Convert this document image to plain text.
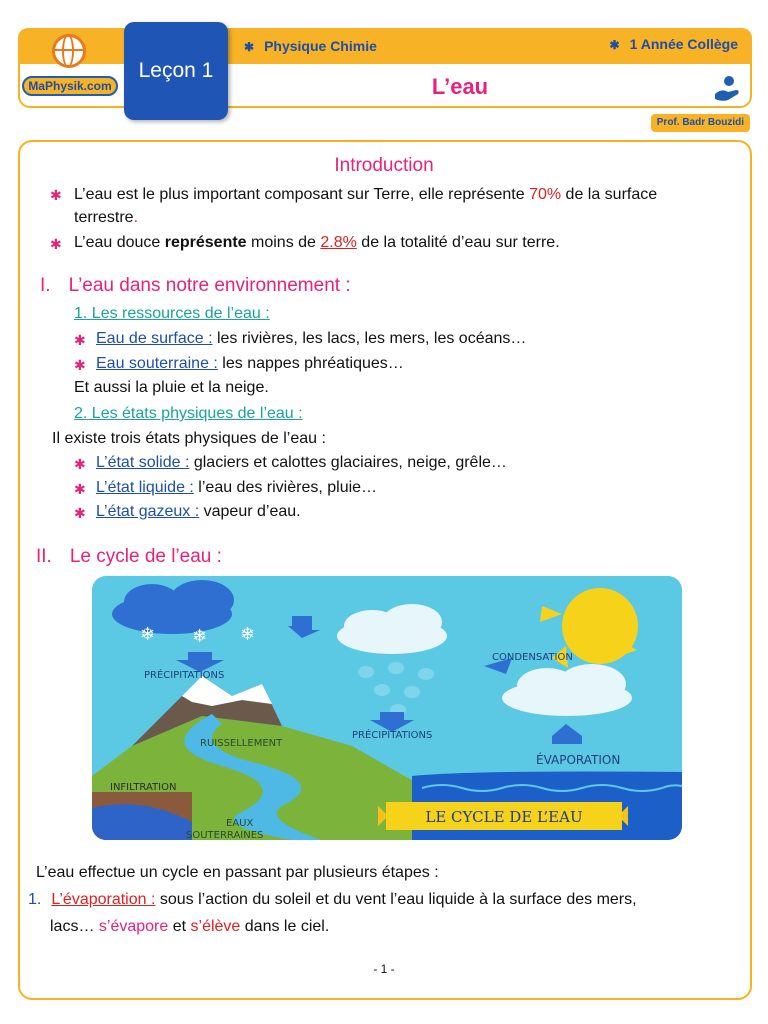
MaPhysik.com
Leçon 1
✱ Physique Chimie	✱ 1 Année Collège
L’eau
Prof. Badr Bouzidi
Introduction
✱ L’eau est le plus important composant sur Terre, elle représente 70% de la surface
terrestre.
✱ L’eau douce représente moins de 2.8% de la totalité d’eau sur terre.
I. L’eau dans notre environnement :
1. Les ressources de l’eau :
✱ Eau de surface : les rivières, les lacs, les mers, les océans…
✱ Eau souterraine : les nappes phréatiques…
Et aussi la pluie et la neige.
2. Les états physiques de l’eau :
Il existe trois états physiques de l’eau :
✱ L’état solide : glaciers et calottes glaciaires, neige, grêle…
✱ L’état liquide : l’eau des rivières, pluie…
✱ L’état gazeux : vapeur d’eau.
II. Le cycle de l’eau :
❄ ❄ ❄
PRÉCIPITATIONS
PRÉCIPITATIONS
CONDENSATION
ÉVAPORATION
RUISSELLEMENT
INFILTRATION
EAUX
SOUTERRAINES
LE CYCLE DE L’EAU
L’eau effectue un cycle en passant par plusieurs étapes :
1. L’évaporation : sous l’action du soleil et du vent l’eau liquide à la surface des mers,
lacs… s’évapore et s’élève dans le ciel.
- 1 -
